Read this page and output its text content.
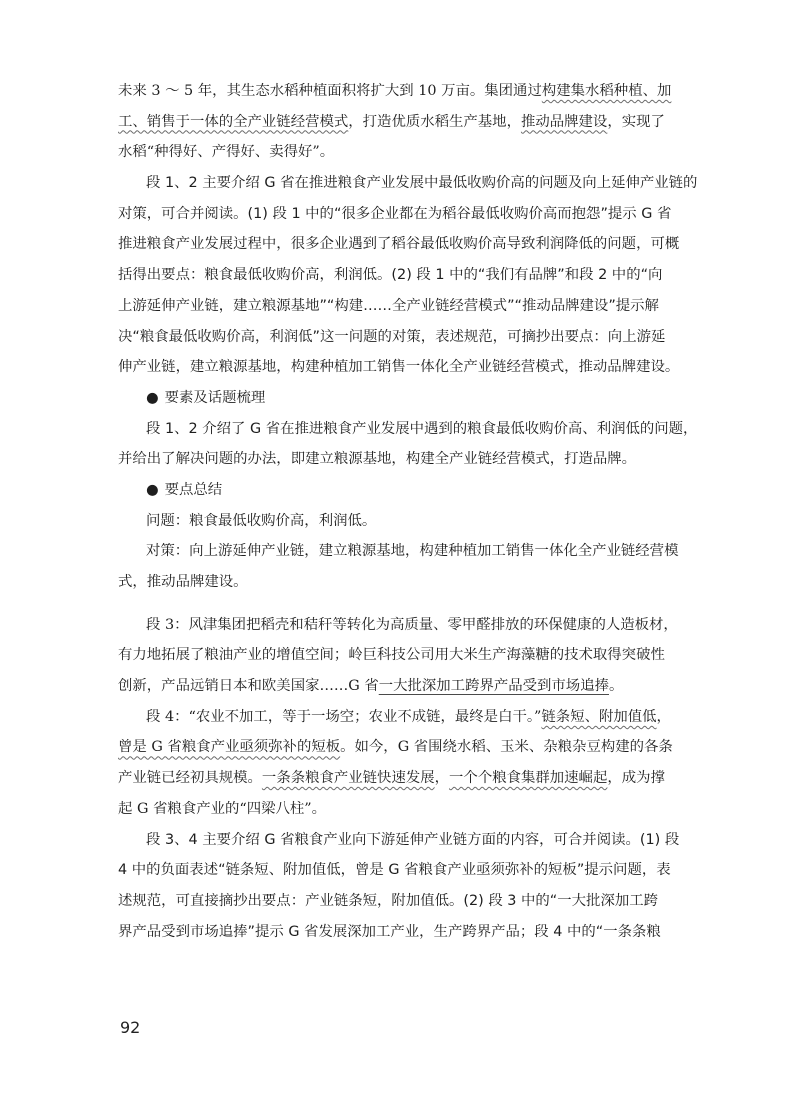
未来 3 ～ 5 年，其生态水稻种植面积将扩大到 10 万亩。集团通过构建集水稻种植、加
工、销售于一体的全产业链经营模式，打造优质水稻生产基地，推动品牌建设，实现了
水稻“种得好、产得好、卖得好”。
段 1、2 主要介绍 G 省在推进粮食产业发展中最低收购价高的问题及向上延伸产业链的
对策，可合并阅读。(1) 段 1 中的“很多企业都在为稻谷最低收购价高而抱怨”提示 G 省
推进粮食产业发展过程中，很多企业遇到了稻谷最低收购价高导致利润降低的问题，可概
括得出要点：粮食最低收购价高，利润低。(2) 段 1 中的“我们有品牌”和段 2 中的“向
上游延伸产业链，建立粮源基地”“构建……全产业链经营模式”“推动品牌建设”提示解
决“粮食最低收购价高，利润低”这一问题的对策，表述规范，可摘抄出要点：向上游延
伸产业链，建立粮源基地，构建种植加工销售一体化全产业链经营模式，推动品牌建设。
● 要素及话题梳理
段 1、2 介绍了 G 省在推进粮食产业发展中遇到的粮食最低收购价高、利润低的问题，
并给出了解决问题的办法，即建立粮源基地，构建全产业链经营模式，打造品牌。
● 要点总结
问题：粮食最低收购价高，利润低。
对策：向上游延伸产业链，建立粮源基地，构建种植加工销售一体化全产业链经营模
式，推动品牌建设。
段 3：风津集团把稻壳和秸秆等转化为高质量、零甲醛排放的环保健康的人造板材，
有力地拓展了粮油产业的增值空间；岭巨科技公司用大米生产海藻糖的技术取得突破性
创新，产品远销日本和欧美国家……G 省一大批深加工跨界产品受到市场追捧。
段 4：“农业不加工，等于一场空；农业不成链，最终是白干。”链条短、附加值低，
曾是 G 省粮食产业亟须弥补的短板。如今，G 省围绕水稻、玉米、杂粮杂豆构建的各条
产业链已经初具规模。一条条粮食产业链快速发展，一个个粮食集群加速崛起，成为撑
起 G 省粮食产业的“四梁八柱”。
段 3、4 主要介绍 G 省粮食产业向下游延伸产业链方面的内容，可合并阅读。(1) 段
4 中的负面表述“链条短、附加值低，曾是 G 省粮食产业亟须弥补的短板”提示问题，表
述规范，可直接摘抄出要点：产业链条短，附加值低。(2) 段 3 中的“一大批深加工跨
界产品受到市场追捧”提示 G 省发展深加工产业，生产跨界产品；段 4 中的“一条条粮
92
